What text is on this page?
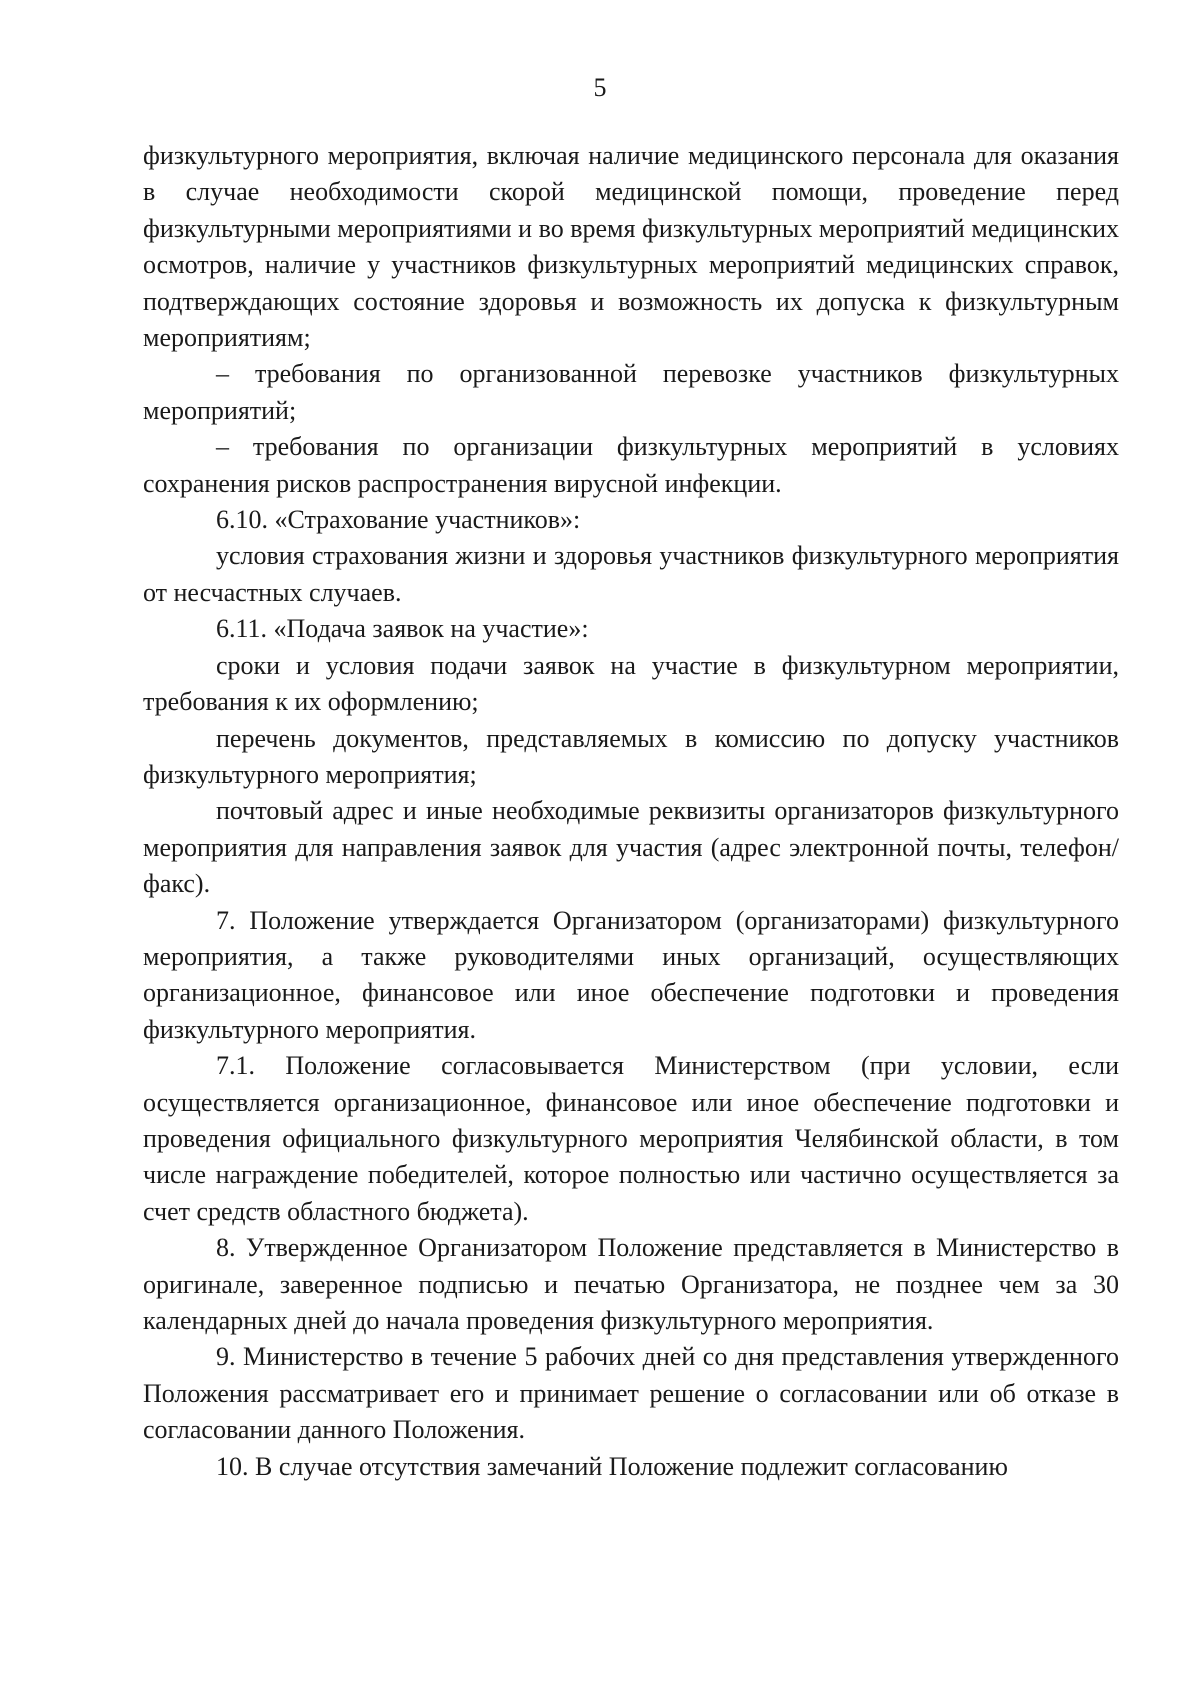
5

физкультурного мероприятия, включая наличие медицинского персонала для оказания в случае необходимости скорой медицинской помощи, проведение перед физкультурными мероприятиями и во время физкультурных мероприятий медицинских осмотров, наличие у участников физкультурных мероприятий медицинских справок, подтверждающих состояние здоровья и возможность их допуска к физкультурным мероприятиям;

– требования по организованной перевозке участников физкультурных мероприятий;

– требования по организации физкультурных мероприятий в условиях сохранения рисков распространения вирусной инфекции.

6.10. «Страхование участников»:

условия страхования жизни и здоровья участников физкультурного мероприятия от несчастных случаев.

6.11. «Подача заявок на участие»:

сроки и условия подачи заявок на участие в физкультурном мероприятии, требования к их оформлению;

перечень документов, представляемых в комиссию по допуску участников физкультурного мероприятия;

почтовый адрес и иные необходимые реквизиты организаторов физкультурного мероприятия для направления заявок для участия (адрес электронной почты, телефон/факс).

7. Положение утверждается Организатором (организаторами) физкультурного мероприятия, а также руководителями иных организаций, осуществляющих организационное, финансовое или иное обеспечение подготовки и проведения физкультурного мероприятия.

7.1. Положение согласовывается Министерством (при условии, если осуществляется организационное, финансовое или иное обеспечение подготовки и проведения официального физкультурного мероприятия Челябинской области, в том числе награждение победителей, которое полностью или частично осуществляется за счет средств областного бюджета).

8. Утвержденное Организатором Положение представляется в Министерство в оригинале, заверенное подписью и печатью Организатора, не позднее чем за 30 календарных дней до начала проведения физкультурного мероприятия.

9. Министерство в течение 5 рабочих дней со дня представления утвержденного Положения рассматривает его и принимает решение о согласовании или об отказе в согласовании данного Положения.

10. В случае отсутствия замечаний Положение подлежит согласованию
